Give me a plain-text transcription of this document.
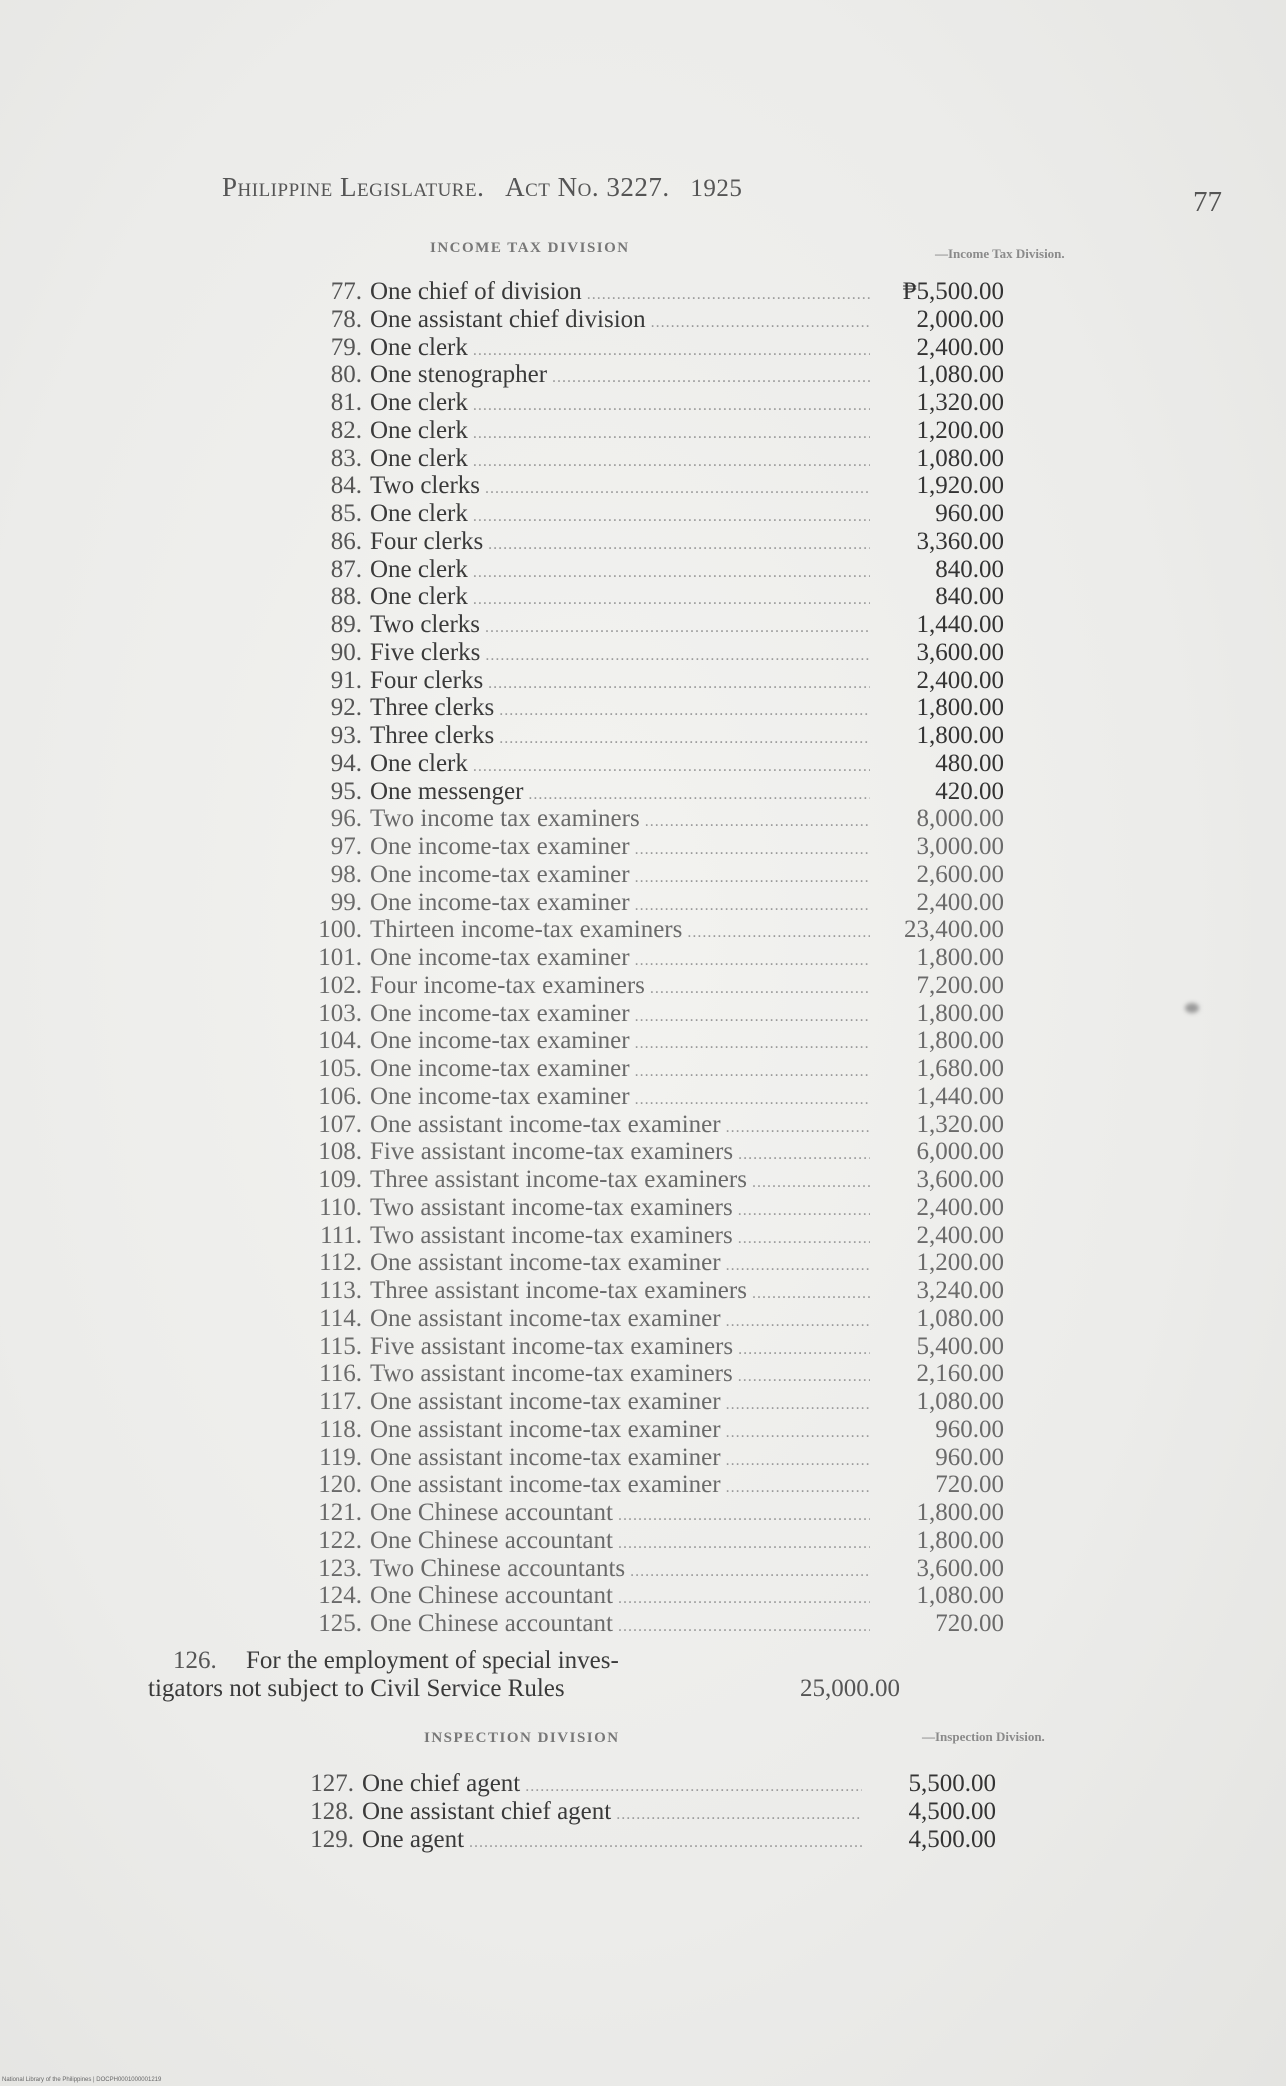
Philippine Legislature. Act No. 3227. 1925	77
INCOME TAX DIVISION	—Income Tax Division.
77. One chief of division .....	₱5,500.00
78. One assistant chief division .....	2,000.00
79. One clerk .....	2,400.00
80. One stenographer .....	1,080.00
81. One clerk .....	1,320.00
82. One clerk .....	1,200.00
83. One clerk .....	1,080.00
84. Two clerks .....	1,920.00
85. One clerk .....	960.00
86. Four clerks .....	3,360.00
87. One clerk .....	840.00
88. One clerk .....	840.00
89. Two clerks .....	1,440.00
90. Five clerks .....	3,600.00
91. Four clerks .....	2,400.00
92. Three clerks .....	1,800.00
93. Three clerks .....	1,800.00
94. One clerk .....	480.00
95. One messenger .....	420.00
96. Two income tax examiners .....	8,000.00
97. One income-tax examiner .....	3,000.00
98. One income-tax examiner .....	2,600.00
99. One income-tax examiner .....	2,400.00
100. Thirteen income-tax examiners .....	23,400.00
101. One income-tax examiner .....	1,800.00
102. Four income-tax examiners .....	7,200.00
103. One income-tax examiner .....	1,800.00
104. One income-tax examiner .....	1,800.00
105. One income-tax examiner .....	1,680.00
106. One income-tax examiner .....	1,440.00
107. One assistant income-tax examiner .....	1,320.00
108. Five assistant income-tax examiners .....	6,000.00
109. Three assistant income-tax examiners .....	3,600.00
110. Two assistant income-tax examiners .....	2,400.00
111. Two assistant income-tax examiners .....	2,400.00
112. One assistant income-tax examiner .....	1,200.00
113. Three assistant income-tax examiners .....	3,240.00
114. One assistant income-tax examiner .....	1,080.00
115. Five assistant income-tax examiners .....	5,400.00
116. Two assistant income-tax examiners .....	2,160.00
117. One assistant income-tax examiner .....	1,080.00
118. One assistant income-tax examiner .....	960.00
119. One assistant income-tax examiner .....	960.00
120. One assistant income-tax examiner .....	720.00
121. One Chinese accountant .....	1,800.00
122. One Chinese accountant .....	1,800.00
123. Two Chinese accountants .....	3,600.00
124. One Chinese accountant .....	1,080.00
125. One Chinese accountant .....	720.00
126. For the employment of special inves-
tigators not subject to Civil Service Rules	25,000.00
INSPECTION DIVISION	—Inspection Division.
127. One chief agent .....	5,500.00
128. One assistant chief agent .....	4,500.00
129. One agent .....	4,500.00
National Library of the Philippines | DOCPH0001000001219
